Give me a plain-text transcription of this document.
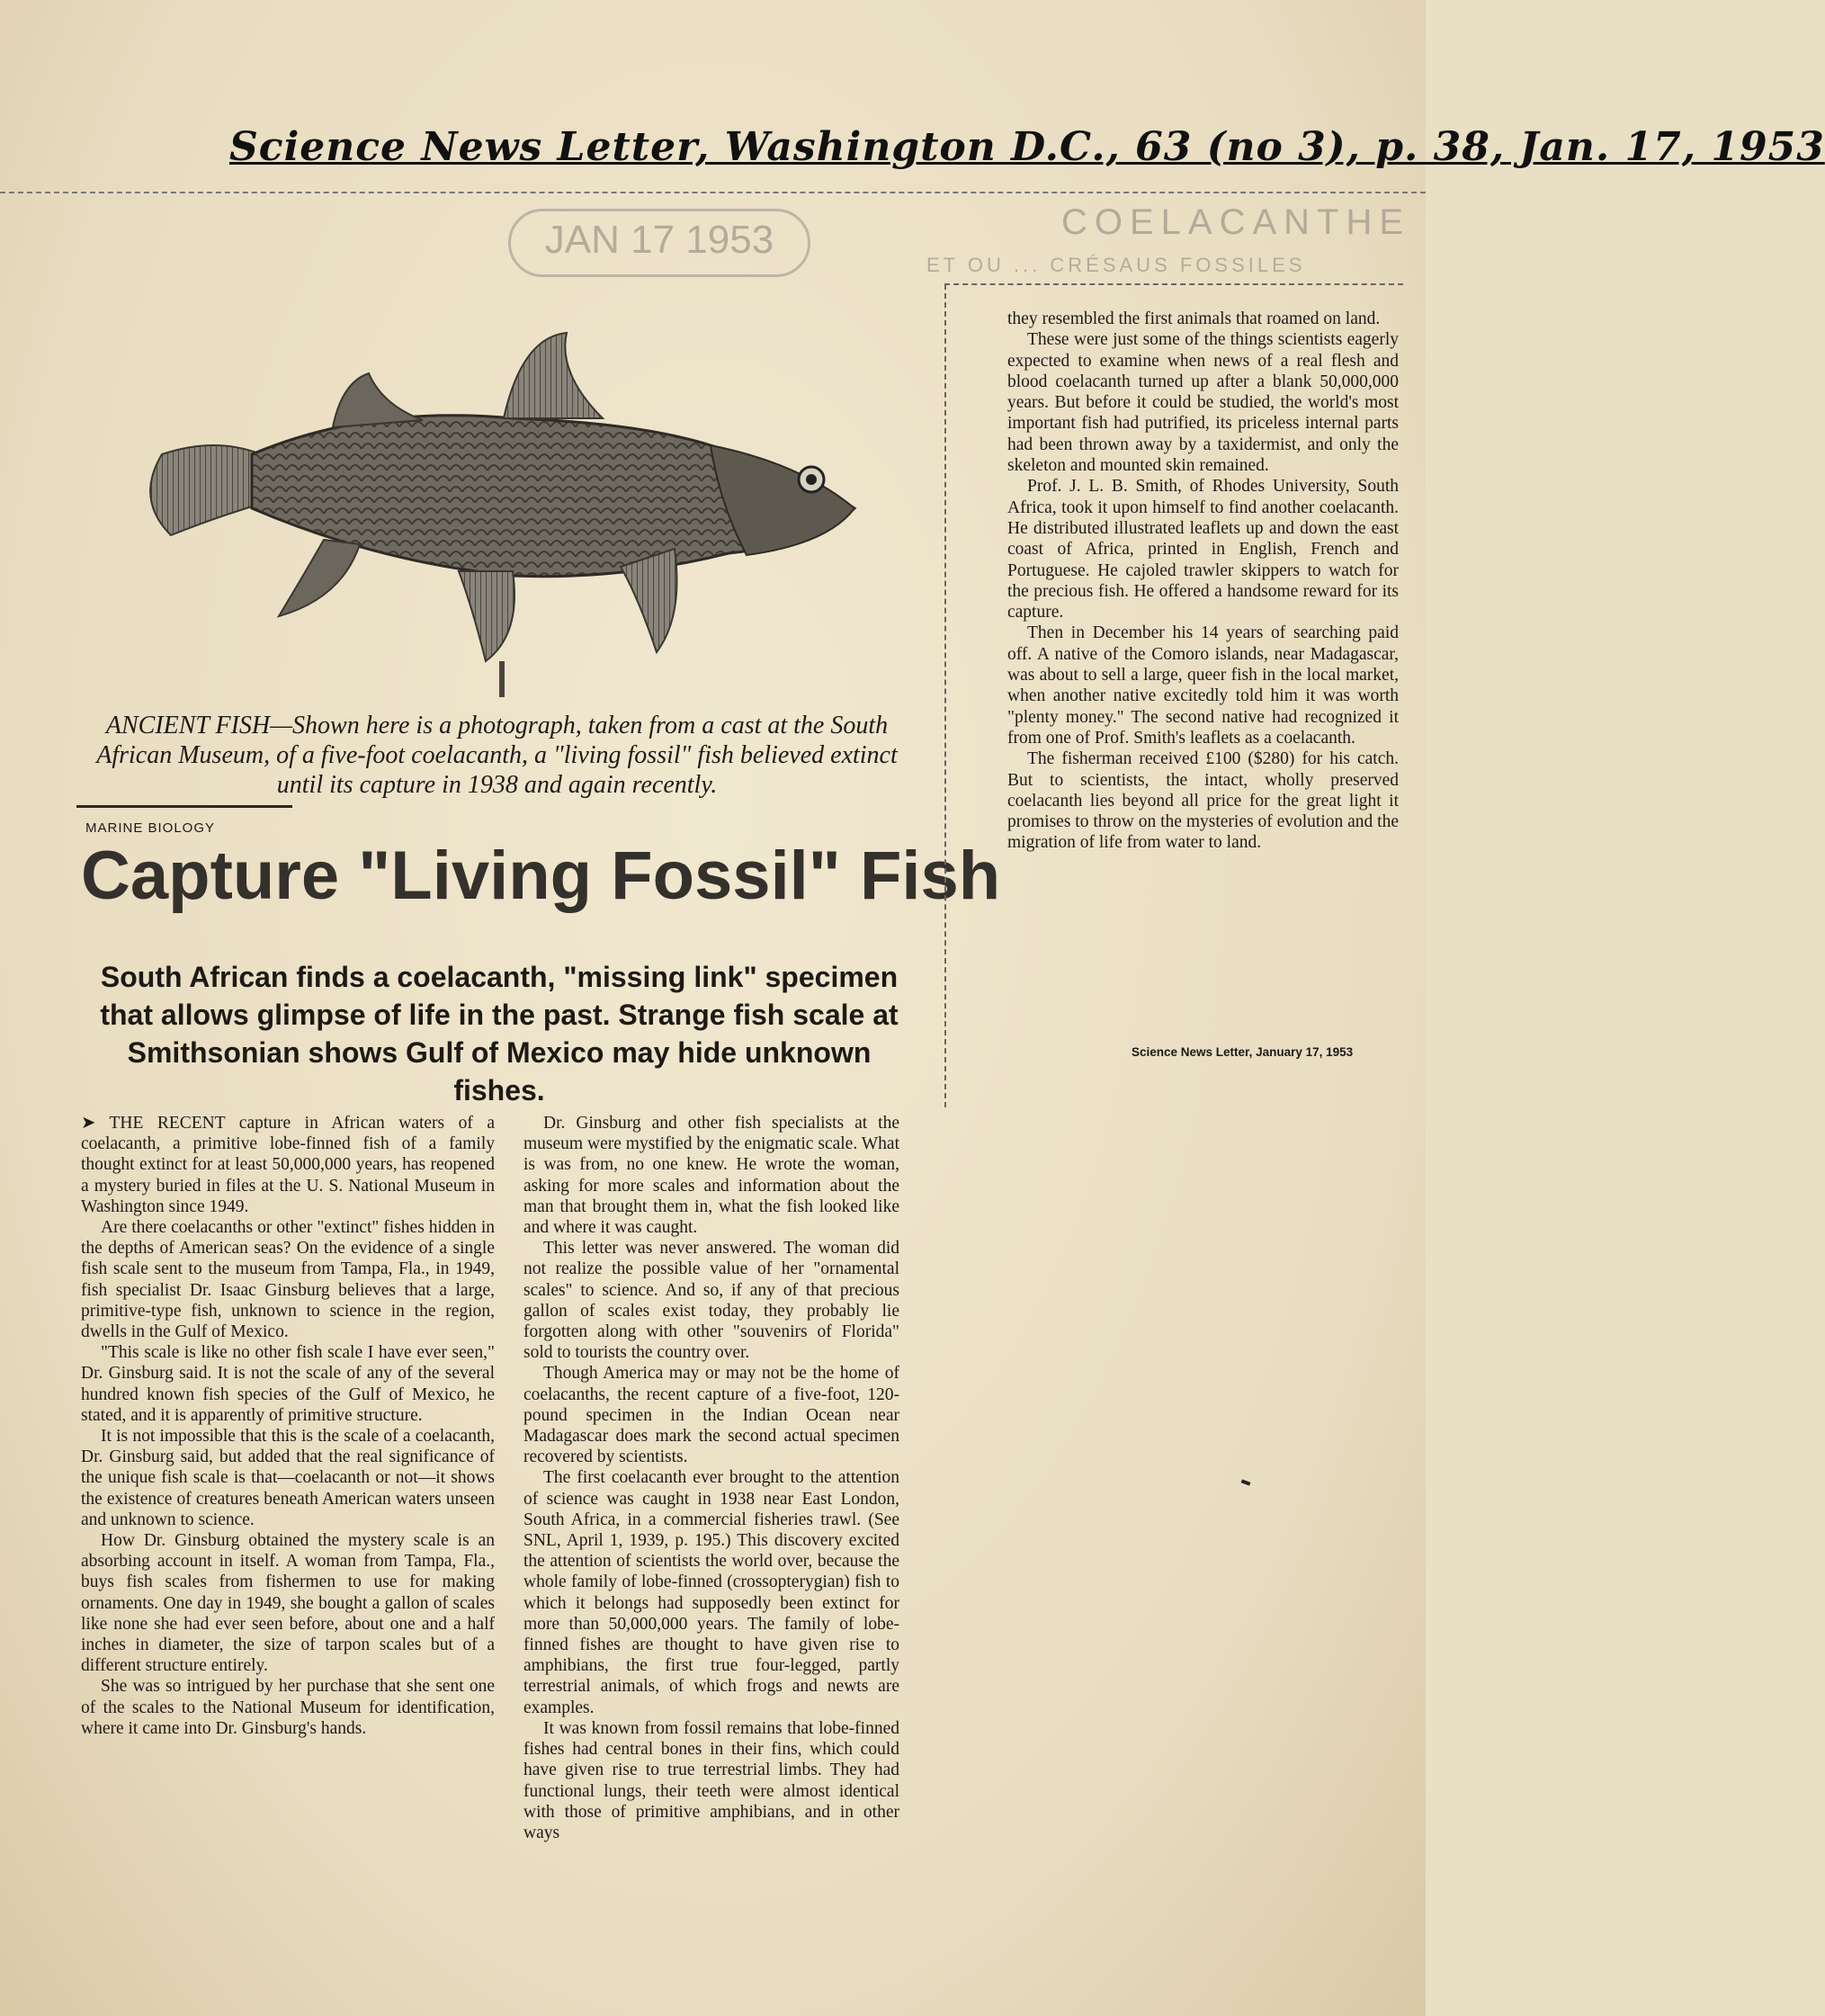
Science News Letter, Washington D.C., 63 (no 3), p. 38, Jan. 17, 1953
JAN 17 1953	COELACANTHE
ET OU ... CRÉSAUS FOSSILES
ANCIENT FISH—Shown here is a photograph, taken from a cast at the South African Museum, of a five-foot coelacanth, a "living fossil" fish believed extinct until its capture in 1938 and again recently.
MARINE BIOLOGY
Capture "Living Fossil" Fish
South African finds a coelacanth, "missing link" specimen that allows glimpse of life in the past. Strange fish scale at Smithsonian shows Gulf of Mexico may hide unknown fishes.

➤ THE RECENT capture in African waters of a coelacanth, a primitive lobe-finned fish of a family thought extinct for at least 50,000,000 years, has reopened a mystery buried in files at the U. S. National Museum in Washington since 1949.

Are there coelacanths or other "extinct" fishes hidden in the depths of American seas? On the evidence of a single fish scale sent to the museum from Tampa, Fla., in 1949, fish specialist Dr. Isaac Ginsburg believes that a large, primitive-type fish, unknown to science in the region, dwells in the Gulf of Mexico.

"This scale is like no other fish scale I have ever seen," Dr. Ginsburg said. It is not the scale of any of the several hundred known fish species of the Gulf of Mexico, he stated, and it is apparently of primitive structure.

It is not impossible that this is the scale of a coelacanth, Dr. Ginsburg said, but added that the real significance of the unique fish scale is that—coelacanth or not—it shows the existence of creatures beneath American waters unseen and unknown to science.

How Dr. Ginsburg obtained the mystery scale is an absorbing account in itself. A woman from Tampa, Fla., buys fish scales from fishermen to use for making ornaments. One day in 1949, she bought a gallon of scales like none she had ever seen before, about one and a half inches in diameter, the size of tarpon scales but of a different structure entirely.

She was so intrigued by her purchase that she sent one of the scales to the National Museum for identification, where it came into Dr. Ginsburg's hands.

Dr. Ginsburg and other fish specialists at the museum were mystified by the enigmatic scale. What is was from, no one knew. He wrote the woman, asking for more scales and information about the man that brought them in, what the fish looked like and where it was caught.

This letter was never answered. The woman did not realize the possible value of her "ornamental scales" to science. And so, if any of that precious gallon of scales exist today, they probably lie forgotten along with other "souvenirs of Florida" sold to tourists the country over.

Though America may or may not be the home of coelacanths, the recent capture of a five-foot, 120-pound specimen in the Indian Ocean near Madagascar does mark the second actual specimen recovered by scientists.

The first coelacanth ever brought to the attention of science was caught in 1938 near East London, South Africa, in a commercial fisheries trawl. (See SNL, April 1, 1939, p. 195.) This discovery excited the attention of scientists the world over, because the whole family of lobe-finned (crossopterygian) fish to which it belongs had supposedly been extinct for more than 50,000,000 years. The family of lobe-finned fishes are thought to have given rise to amphibians, the first true four-legged, partly terrestrial animals, of which frogs and newts are examples.

It was known from fossil remains that lobe-finned fishes had central bones in their fins, which could have given rise to true terrestrial limbs. They had functional lungs, their teeth were almost identical with those of primitive amphibians, and in other ways

they resembled the first animals that roamed on land.

These were just some of the things scientists eagerly expected to examine when news of a real flesh and blood coelacanth turned up after a blank 50,000,000 years. But before it could be studied, the world's most important fish had putrified, its priceless internal parts had been thrown away by a taxidermist, and only the skeleton and mounted skin remained.

Prof. J. L. B. Smith, of Rhodes University, South Africa, took it upon himself to find another coelacanth. He distributed illustrated leaflets up and down the east coast of Africa, printed in English, French and Portuguese. He cajoled trawler skippers to watch for the precious fish. He offered a handsome reward for its capture.

Then in December his 14 years of searching paid off. A native of the Comoro islands, near Madagascar, was about to sell a large, queer fish in the local market, when another native excitedly told him it was worth "plenty money." The second native had recognized it from one of Prof. Smith's leaflets as a coelacanth.

The fisherman received £100 ($280) for his catch. But to scientists, the intact, wholly preserved coelacanth lies beyond all price for the great light it promises to throw on the mysteries of evolution and the migration of life from water to land.

Science News Letter, January 17, 1953
